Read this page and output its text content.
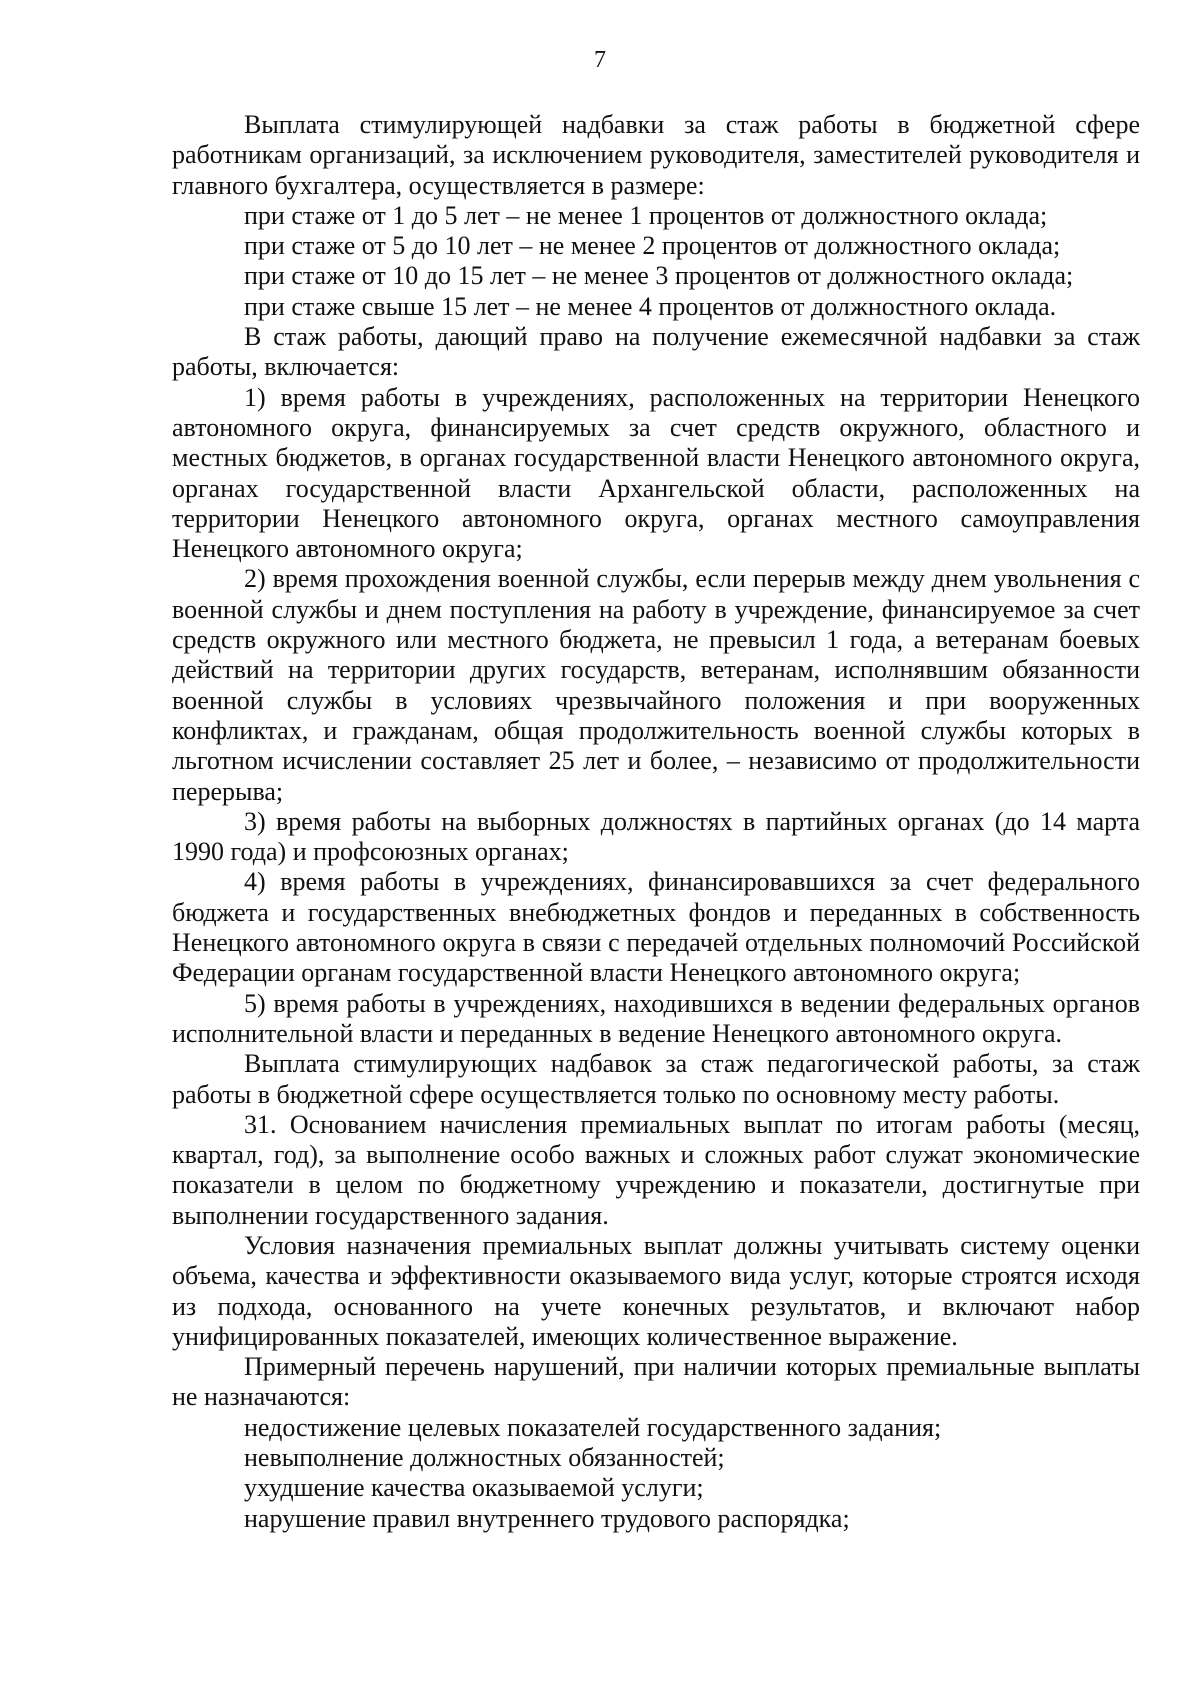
7

Выплата стимулирующей надбавки за стаж работы в бюджетной сфере работникам организаций, за исключением руководителя, заместителей руководителя и главного бухгалтера, осуществляется в размере:

при стаже от 1 до 5 лет – не менее 1 процентов от должностного оклада;

при стаже от 5 до 10 лет – не менее 2 процентов от должностного оклада;

при стаже от 10 до 15 лет – не менее 3 процентов от должностного оклада;

при стаже свыше 15 лет – не менее 4 процентов от должностного оклада.

В стаж работы, дающий право на получение ежемесячной надбавки за стаж работы, включается:

1) время работы в учреждениях, расположенных на территории Ненецкого автономного округа, финансируемых за счет средств окружного, областного и местных бюджетов, в органах государственной власти Ненецкого автономного округа, органах государственной власти Архангельской области, расположенных на территории Ненецкого автономного округа, органах местного самоуправления Ненецкого автономного округа;

2) время прохождения военной службы, если перерыв между днем увольнения с военной службы и днем поступления на работу в учреждение, финансируемое за счет средств окружного или местного бюджета, не превысил 1 года, а ветеранам боевых действий на территории других государств, ветеранам, исполнявшим обязанности военной службы в условиях чрезвычайного положения и при вооруженных конфликтах, и гражданам, общая продолжительность военной службы которых в льготном исчислении составляет 25 лет и более, – независимо от продолжительности перерыва;

3) время работы на выборных должностях в партийных органах (до 14 марта 1990 года) и профсоюзных органах;

4) время работы в учреждениях, финансировавшихся за счет федерального бюджета и государственных внебюджетных фондов и переданных в собственность Ненецкого автономного округа в связи с передачей отдельных полномочий Российской Федерации органам государственной власти Ненецкого автономного округа;

5) время работы в учреждениях, находившихся в ведении федеральных органов исполнительной власти и переданных в ведение Ненецкого автономного округа.

Выплата стимулирующих надбавок за стаж педагогической работы, за стаж работы в бюджетной сфере осуществляется только по основному месту работы.

31. Основанием начисления премиальных выплат по итогам работы (месяц, квартал, год), за выполнение особо важных и сложных работ служат экономические показатели в целом по бюджетному учреждению и показатели, достигнутые при выполнении государственного задания.

Условия назначения премиальных выплат должны учитывать систему оценки объема, качества и эффективности оказываемого вида услуг, которые строятся исходя из подхода, основанного на учете конечных результатов, и включают набор унифицированных показателей, имеющих количественное выражение.

Примерный перечень нарушений, при наличии которых премиальные выплаты не назначаются:

недостижение целевых показателей государственного задания;

невыполнение должностных обязанностей;

ухудшение качества оказываемой услуги;

нарушение правил внутреннего трудового распорядка;
